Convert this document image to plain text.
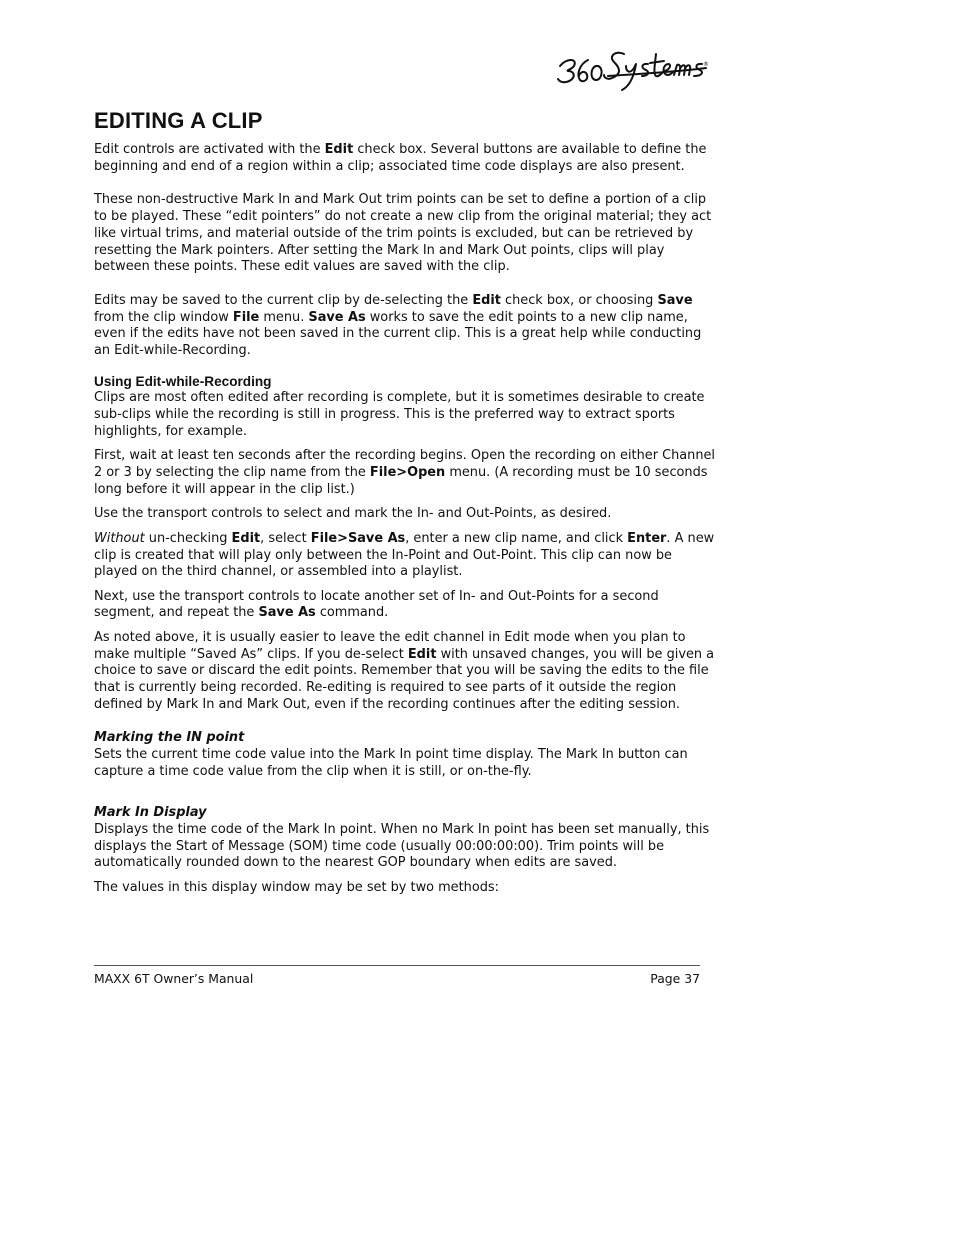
®
EDITING A CLIP

Edit controls are activated with the Edit check box. Several buttons are available to define the beginning and end of a region within a clip; associated time code displays are also present.

These non-destructive Mark In and Mark Out trim points can be set to define a portion of a clip to be played. These “edit pointers” do not create a new clip from the original material; they act like virtual trims, and material outside of the trim points is excluded, but can be retrieved by resetting the Mark pointers. After setting the Mark In and Mark Out points, clips will play between these points. These edit values are saved with the clip.

Edits may be saved to the current clip by de-selecting the Edit check box, or choosing Save from the clip window File menu. Save As works to save the edit points to a new clip name, even if the edits have not been saved in the current clip. This is a great help while conducting an Edit-while-Recording.

Using Edit-while-Recording

Clips are most often edited after recording is complete, but it is sometimes desirable to create sub-clips while the recording is still in progress. This is the preferred way to extract sports highlights, for example.

First, wait at least ten seconds after the recording begins. Open the recording on either Channel 2 or 3 by selecting the clip name from the File>Open menu. (A recording must be 10 seconds long before it will appear in the clip list.)

Use the transport controls to select and mark the In- and Out-Points, as desired.

Without un-checking Edit, select File>Save As, enter a new clip name, and click Enter. A new clip is created that will play only between the In-Point and Out-Point. This clip can now be played on the third channel, or assembled into a playlist.

Next, use the transport controls to locate another set of In- and Out-Points for a second segment, and repeat the Save As command.

As noted above, it is usually easier to leave the edit channel in Edit mode when you plan to make multiple “Saved As” clips. If you de-select Edit with unsaved changes, you will be given a choice to save or discard the edit points. Remember that you will be saving the edits to the file that is currently being recorded. Re-editing is required to see parts of it outside the region defined by Mark In and Mark Out, even if the recording continues after the editing session.

Marking the IN point

Sets the current time code value into the Mark In point time display. The Mark In button can capture a time code value from the clip when it is still, or on-the-fly.

Mark In Display

Displays the time code of the Mark In point. When no Mark In point has been set manually, this displays the Start of Message (SOM) time code (usually 00:00:00:00). Trim points will be automatically rounded down to the nearest GOP boundary when edits are saved.

The values in this display window may be set by two methods:

MAXX 6T Owner’s Manual	Page 37
